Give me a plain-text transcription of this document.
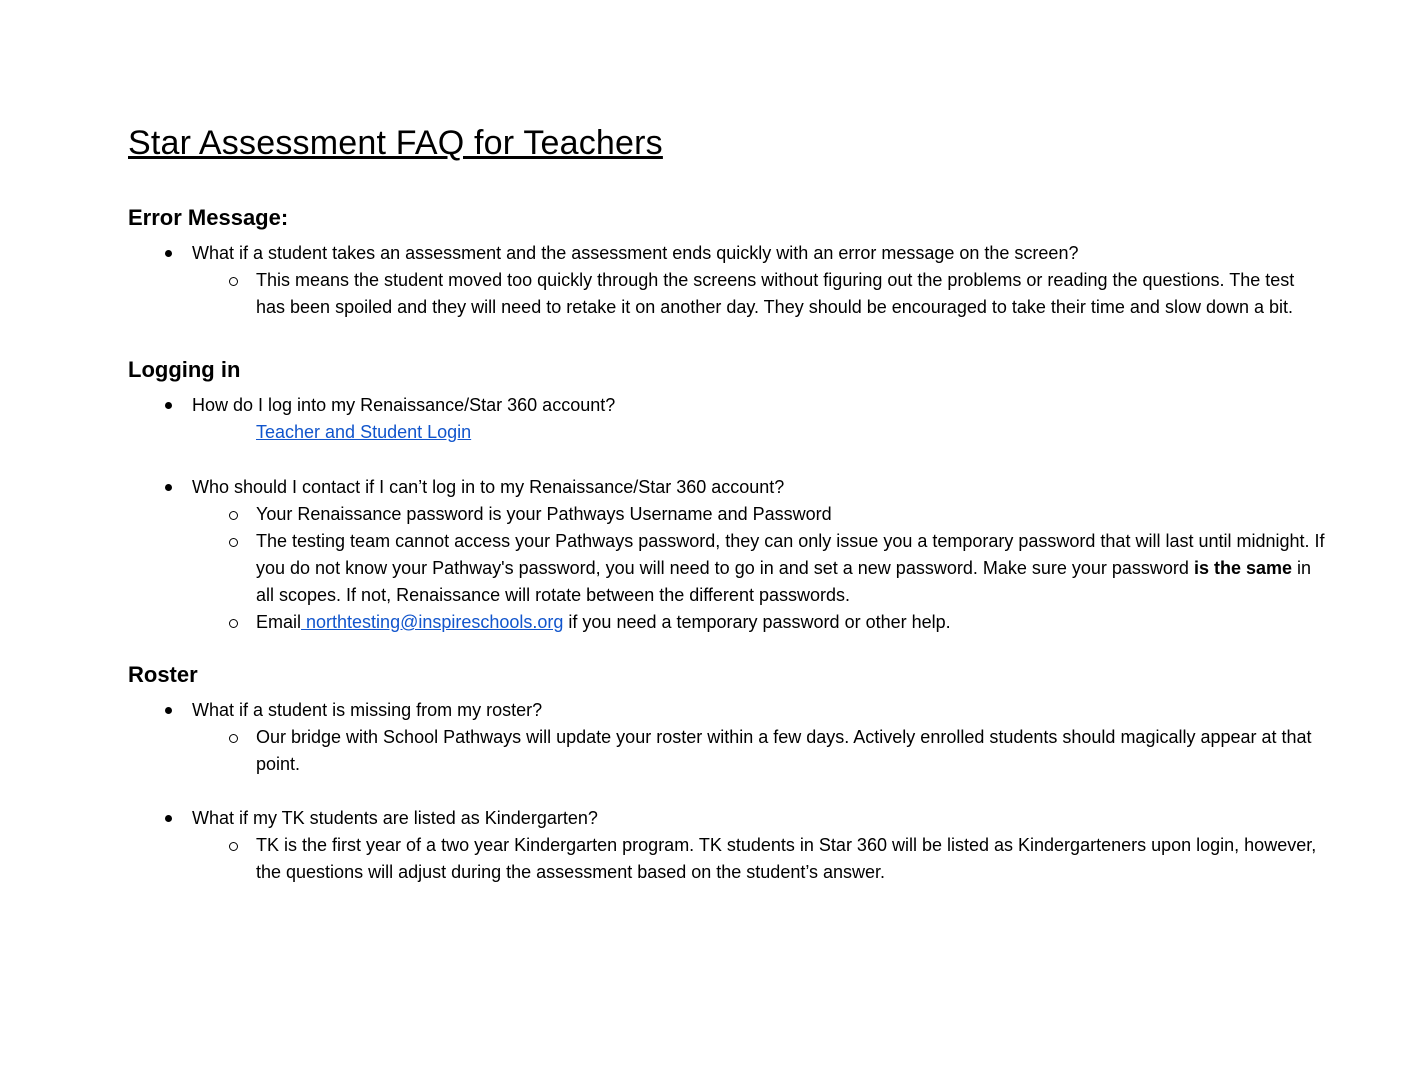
Star Assessment FAQ for Teachers
Error Message:
What if a student takes an assessment and the assessment ends quickly with an error message on the screen?
This means the student moved too quickly through the screens without figuring out the problems or reading the questions. The test has been spoiled and they will need to retake it on another day. They should be encouraged to take their time and slow down a bit.
Logging in
How do I log into my Renaissance/Star 360 account?
Teacher and Student Login
Who should I contact if I can’t log in to my Renaissance/Star 360 account?
Your Renaissance password is your Pathways Username and Password
The testing team cannot access your Pathways password, they can only issue you a temporary password that will last until midnight. If you do not know your Pathway's password, you will need to go in and set a new password. Make sure your password is the same in all scopes. If not, Renaissance will rotate between the different passwords.
Email northtesting@inspireschools.org if you need a temporary password or other help.
Roster
What if a student is missing from my roster?
Our bridge with School Pathways will update your roster within a few days. Actively enrolled students should magically appear at that point.
What if my TK students are listed as Kindergarten?
TK is the first year of a two year Kindergarten program. TK students in Star 360 will be listed as Kindergarteners upon login, however, the questions will adjust during the assessment based on the student’s answer.
